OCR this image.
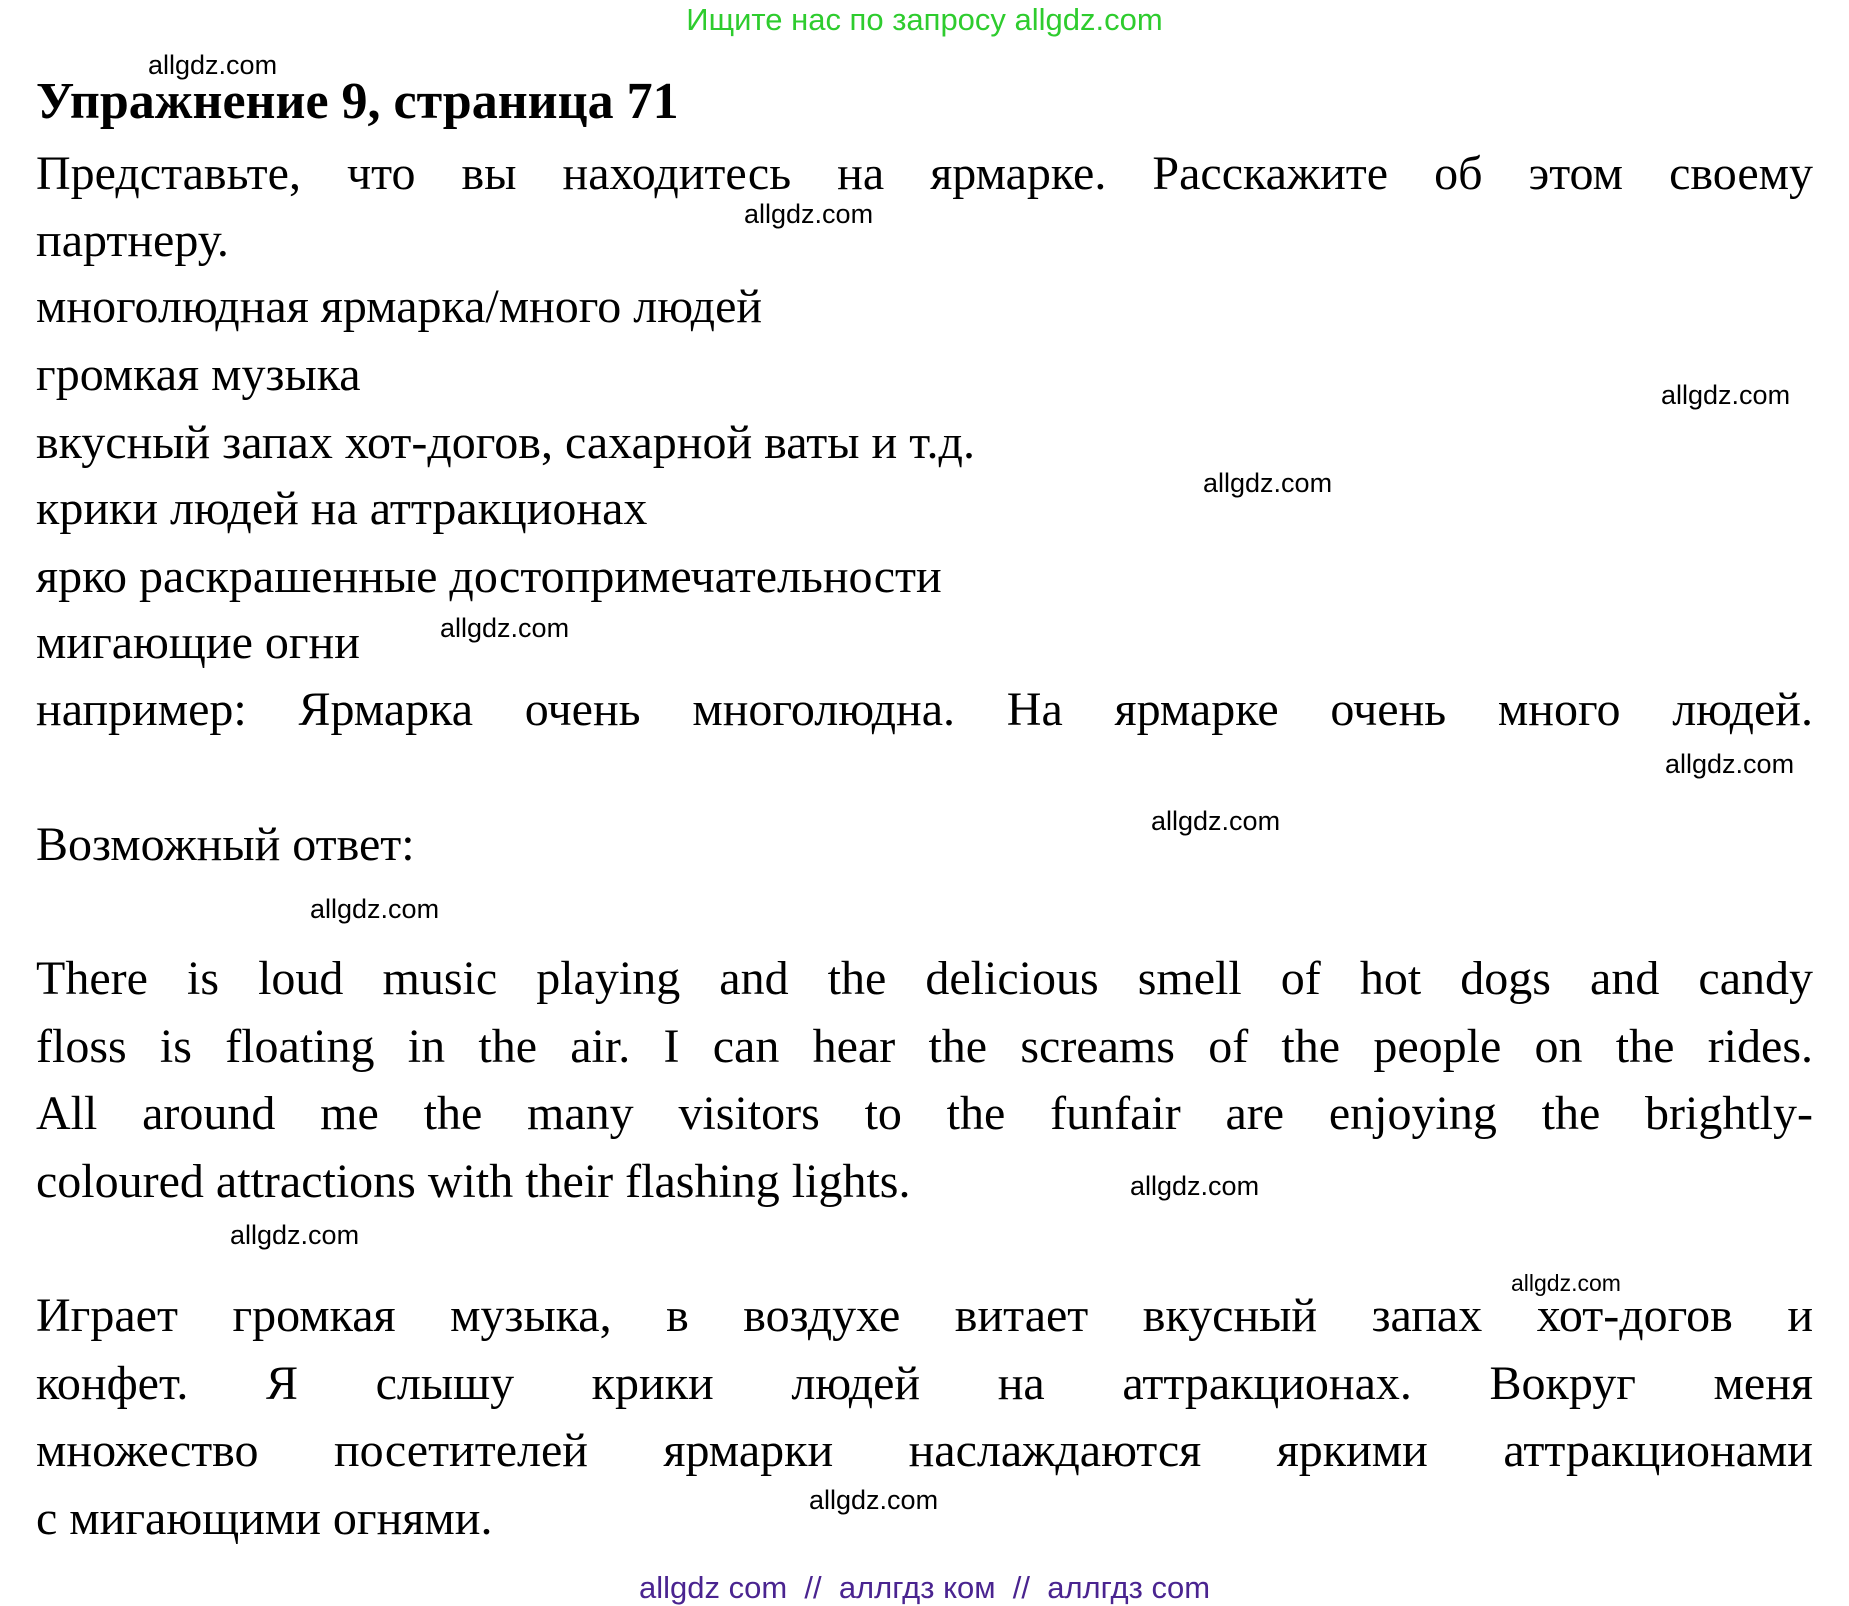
Ищите нас по запросу allgdz.com
Упражнение 9, страница 71
Представьте, что вы находитесь на ярмарке. Расскажите об этом своему
партнеру.
многолюдная ярмарка/много людей
громкая музыка
вкусный запах хот-догов, сахарной ваты и т.д.
крики людей на аттракционах
ярко раскрашенные достопримечательности
мигающие огни
например: Ярмарка очень многолюдна. На ярмарке очень много людей.
Возможный ответ:
There is loud music playing and the delicious smell of hot dogs and candy
floss is floating in the air. I can hear the screams of the people on the rides.
All around me the many visitors to the funfair are enjoying the brightly-
coloured attractions with their flashing lights.
Играет громкая музыка, в воздухе витает вкусный запах хот-догов и
конфет. Я слышу крики людей на аттракционах. Вокруг меня
множество посетителей ярмарки наслаждаются яркими аттракционами
с мигающими огнями.
allgdz.com
allgdz.com
allgdz.com
allgdz.com
allgdz.com
allgdz.com
allgdz.com
allgdz.com
allgdz.com
allgdz.com
allgdz.com
allgdz.com
allgdz com  //  аллгдз ком  //  аллгдз com
